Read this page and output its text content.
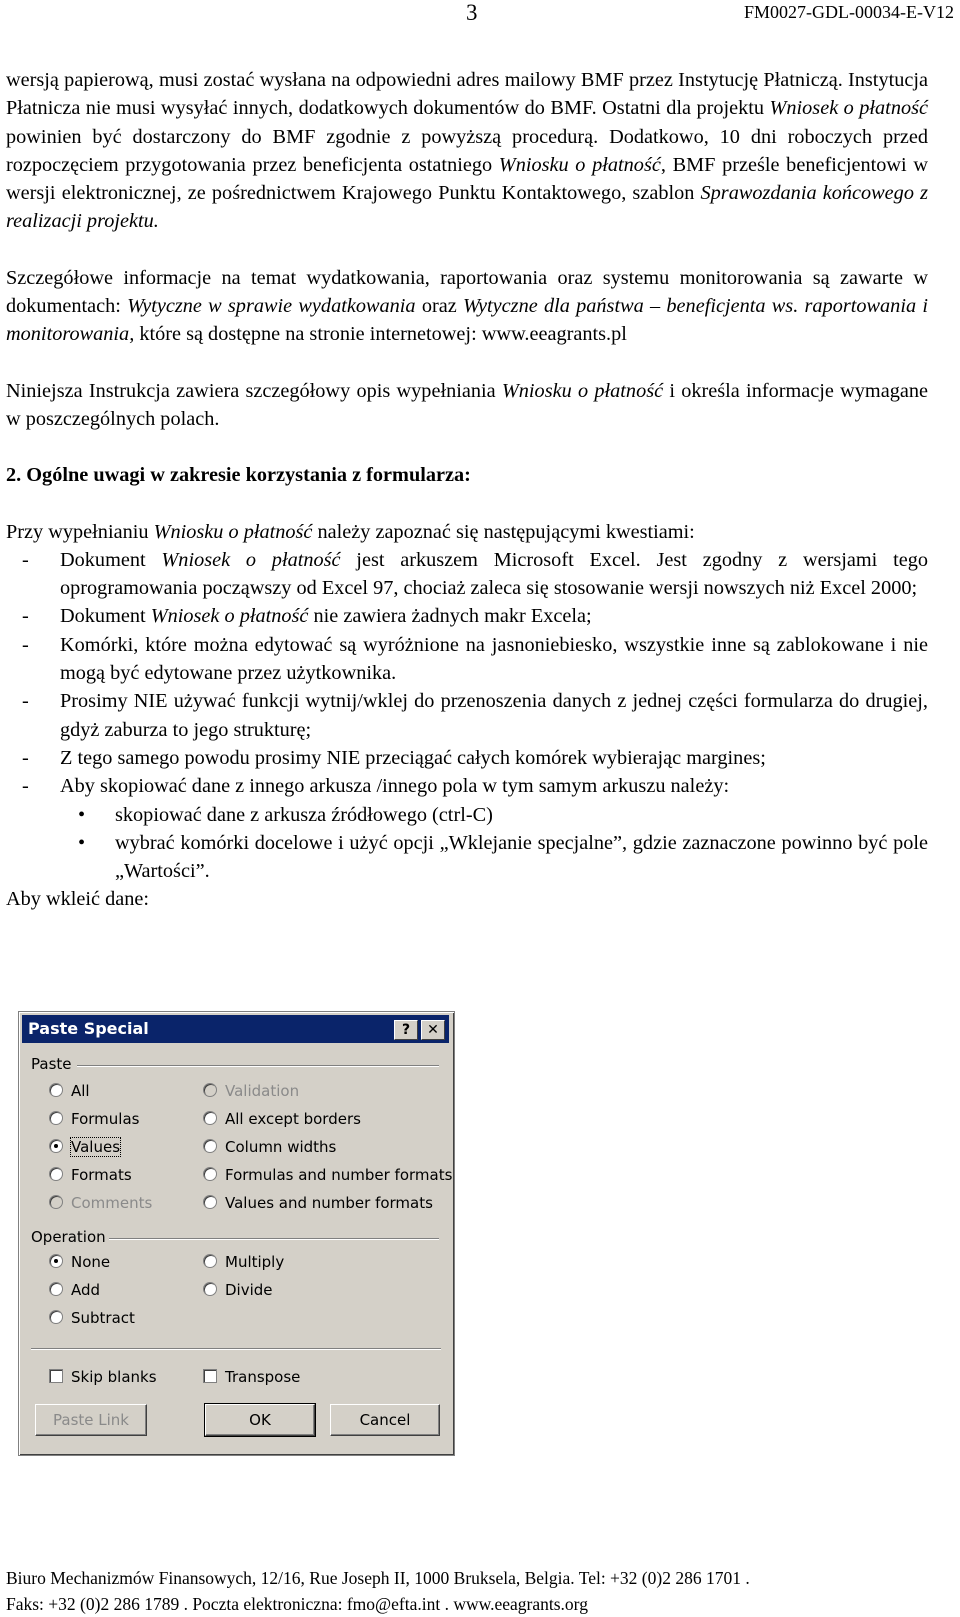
3	FM0027-GDL-00034-E-V12

wersją papierową, musi zostać wysłana na odpowiedni adres mailowy BMF przez Instytucję Płatniczą. Instytucja Płatnicza nie musi wysyłać innych, dodatkowych dokumentów do BMF. Ostatni dla projektu Wniosek o płatność powinien być dostarczony do BMF zgodnie z powyższą procedurą. Dodatkowo, 10 dni roboczych przed rozpoczęciem przygotowania przez beneficjenta ostatniego Wniosku o płatność, BMF prześle beneficjentowi w wersji elektronicznej, ze pośrednictwem Krajowego Punktu Kontaktowego, szablon Sprawozdania końcowego z realizacji projektu.

Szczegółowe informacje na temat wydatkowania, raportowania oraz systemu monitorowania są zawarte w dokumentach: Wytyczne w sprawie wydatkowania oraz Wytyczne dla państwa – beneficjenta ws. raportowania i monitorowania, które są dostępne na stronie internetowej: www.eeagrants.pl

Niniejsza Instrukcja zawiera szczegółowy opis wypełniania Wniosku o płatność i określa informacje wymagane w poszczególnych polach.

2. Ogólne uwagi w zakresie korzystania z formularza:

Przy wypełnianiu Wniosku o płatność należy zapoznać się następującymi kwestiami:

- Dokument Wniosek o płatność jest arkuszem Microsoft Excel. Jest zgodny z wersjami tego oprogramowania począwszy od Excel 97, chociaż zaleca się stosowanie wersji nowszych niż Excel 2000;
- Dokument Wniosek o płatność nie zawiera żadnych makr Excela;
- Komórki, które można edytować są wyróżnione na jasnoniebiesko, wszystkie inne są zablokowane i nie mogą być edytowane przez użytkownika.
- Prosimy NIE używać funkcji wytnij/wklej do przenoszenia danych z jednej części formularza do drugiej, gdyż zaburza to jego strukturę;
- Z tego samego powodu prosimy NIE przeciągać całych komórek wybierając margines;
- Aby skopiować dane z innego arkusza /innego pola w tym samym arkuszu należy:
• skopiować dane z arkusza źródłowego (ctrl-C)
• wybrać komórki docelowe i użyć opcji „Wklejanie specjalne”, gdzie zaznaczone powinno być pole „Wartości”.

Aby wkleić dane:

Paste Special	?	✕
Paste
All
Formulas
Values
Formats
Comments
Validation
All except borders
Column widths
Formulas and number formats
Values and number formats
Operation
None
Add
Subtract
Multiply
Divide
Skip blanks	Transpose
Paste Link	OK	Cancel
Biuro Mechanizmów Finansowych, 12/16, Rue Joseph II, 1000 Bruksela, Belgia. Tel: +32 (0)2 286 1701 .
Faks: +32 (0)2 286 1789 . Poczta elektroniczna: fmo@efta.int . www.eeagrants.org
